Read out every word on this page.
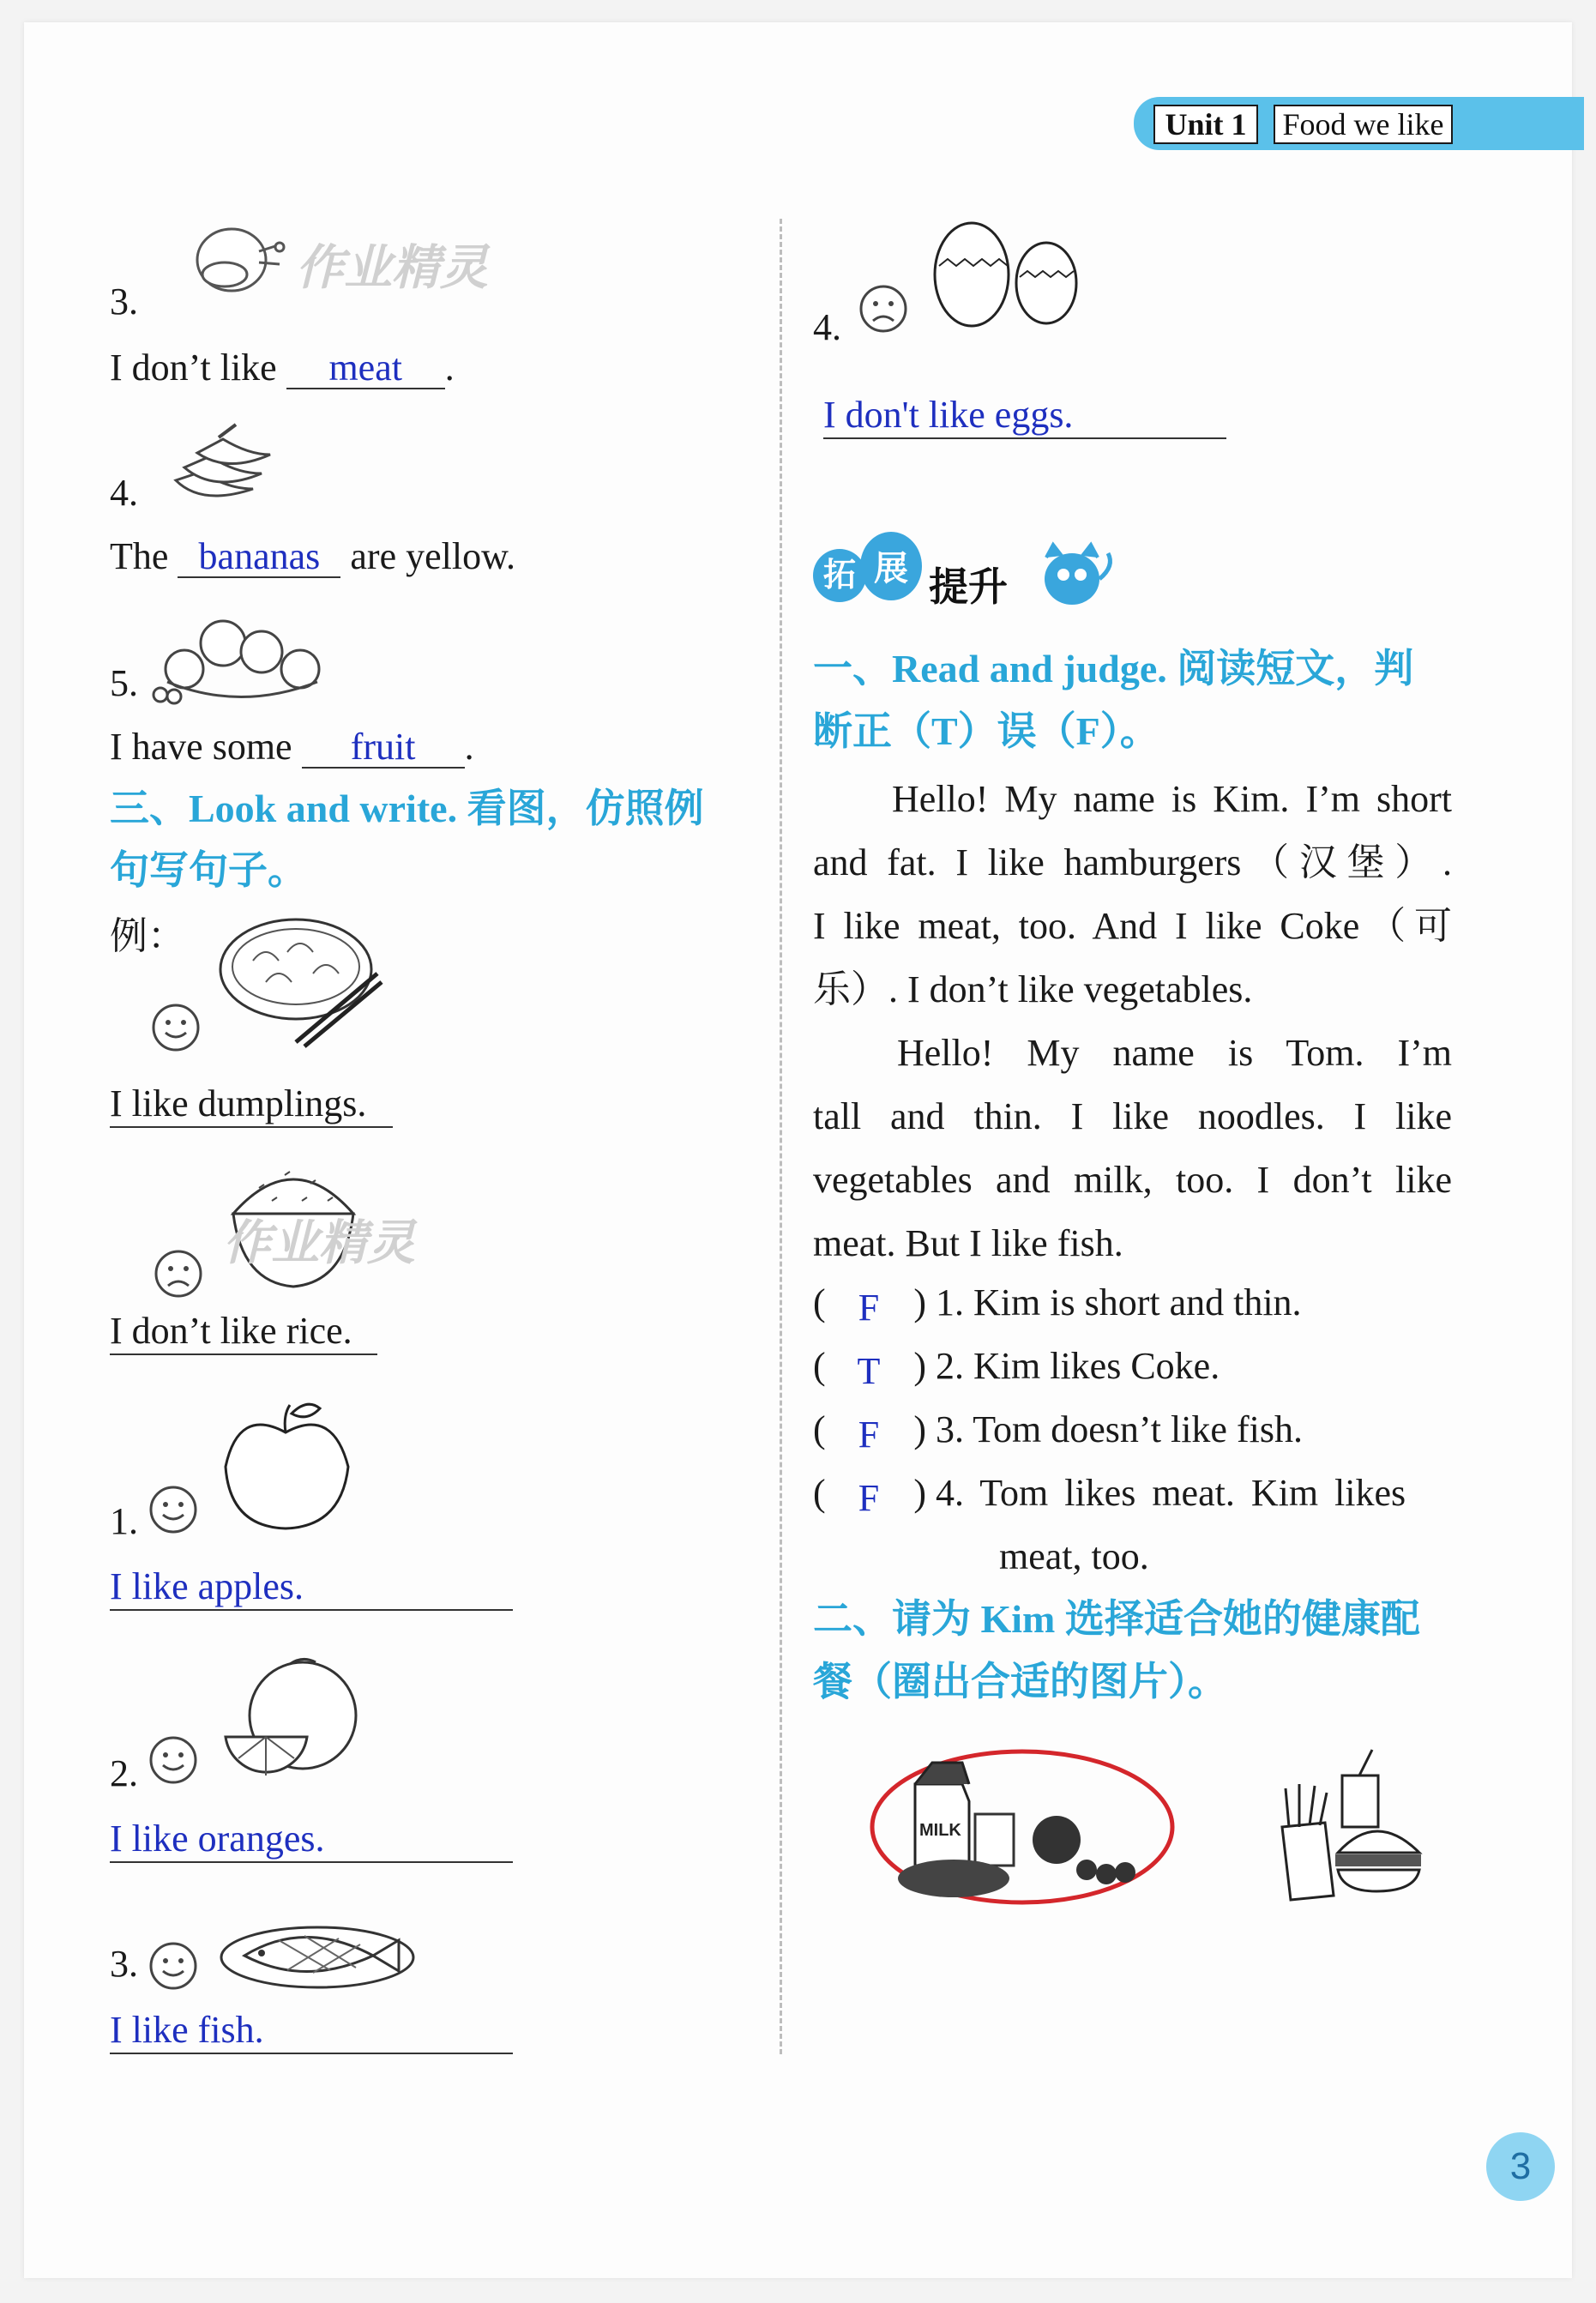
Unit 1	Food we like
3.
作业精灵
I don’t like meat .
4.
The bananas are yellow.
5.
I have some fruit .
三、Look and write. 看图，仿照例
句写句子。
例：
I like dumplings.
作业精灵
I don’t like rice.
1.
I like apples.
2.
I like oranges.
3.
I like fish.
4.
I don't like eggs.
拓 展 提升
一、Read and judge. 阅读短文，判
断正（T）误（F）。
Hello! My name is Kim. I’m short
and fat. I like hamburgers（汉堡）.
I like meat, too. And I like Coke（可
乐）. I don’t like vegetables.
Hello! My name is Tom. I’m
tall and thin. I like noodles. I like
vegetables and milk, too. I don’t like
meat. But I like fish.
( F ) 1. Kim is short and thin.
( T ) 2. Kim likes Coke.
( F ) 3. Tom doesn’t like fish.
( F ) 4. Tom likes meat. Kim likes
meat, too.
二、请为 Kim 选择适合她的健康配
餐（圈出合适的图片）。
MILK
3
